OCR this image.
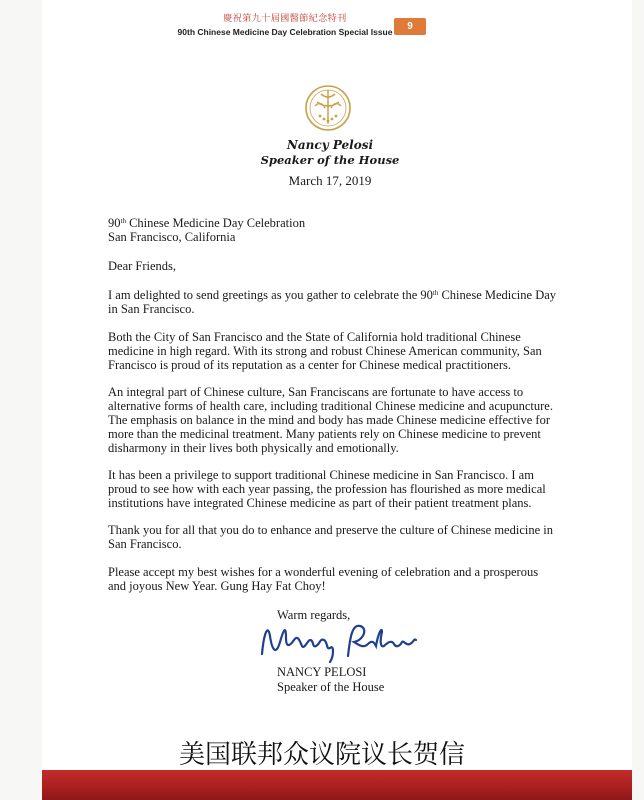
慶祝第九十屆國醫節紀念特刊
90th Chinese Medicine Day Celebration Special Issue	9
Nancy Pelosi
Speaker of the House
March 17, 2019

90th Chinese Medicine Day Celebration

San Francisco, California

Dear Friends,

I am delighted to send greetings as you gather to celebrate the 90th Chinese Medicine Day

in San Francisco.

Both the City of San Francisco and the State of California hold traditional Chinese

medicine in high regard. With its strong and robust Chinese American community, San

Francisco is proud of its reputation as a center for Chinese medical practitioners.

An integral part of Chinese culture, San Franciscans are fortunate to have access to

alternative forms of health care, including traditional Chinese medicine and acupuncture.

The emphasis on balance in the mind and body has made Chinese medicine effective for

more than the medicinal treatment. Many patients rely on Chinese medicine to prevent

disharmony in their lives both physically and emotionally.

It has been a privilege to support traditional Chinese medicine in San Francisco. I am

proud to see how with each year passing, the profession has flourished as more medical

institutions have integrated Chinese medicine as part of their patient treatment plans.

Thank you for all that you do to enhance and preserve the culture of Chinese medicine in

San Francisco.

Please accept my best wishes for a wonderful evening of celebration and a prosperous

and joyous New Year. Gung Hay Fat Choy!

Warm regards,
NANCY PELOSI
Speaker of the House
美国联邦众议院议长贺信
